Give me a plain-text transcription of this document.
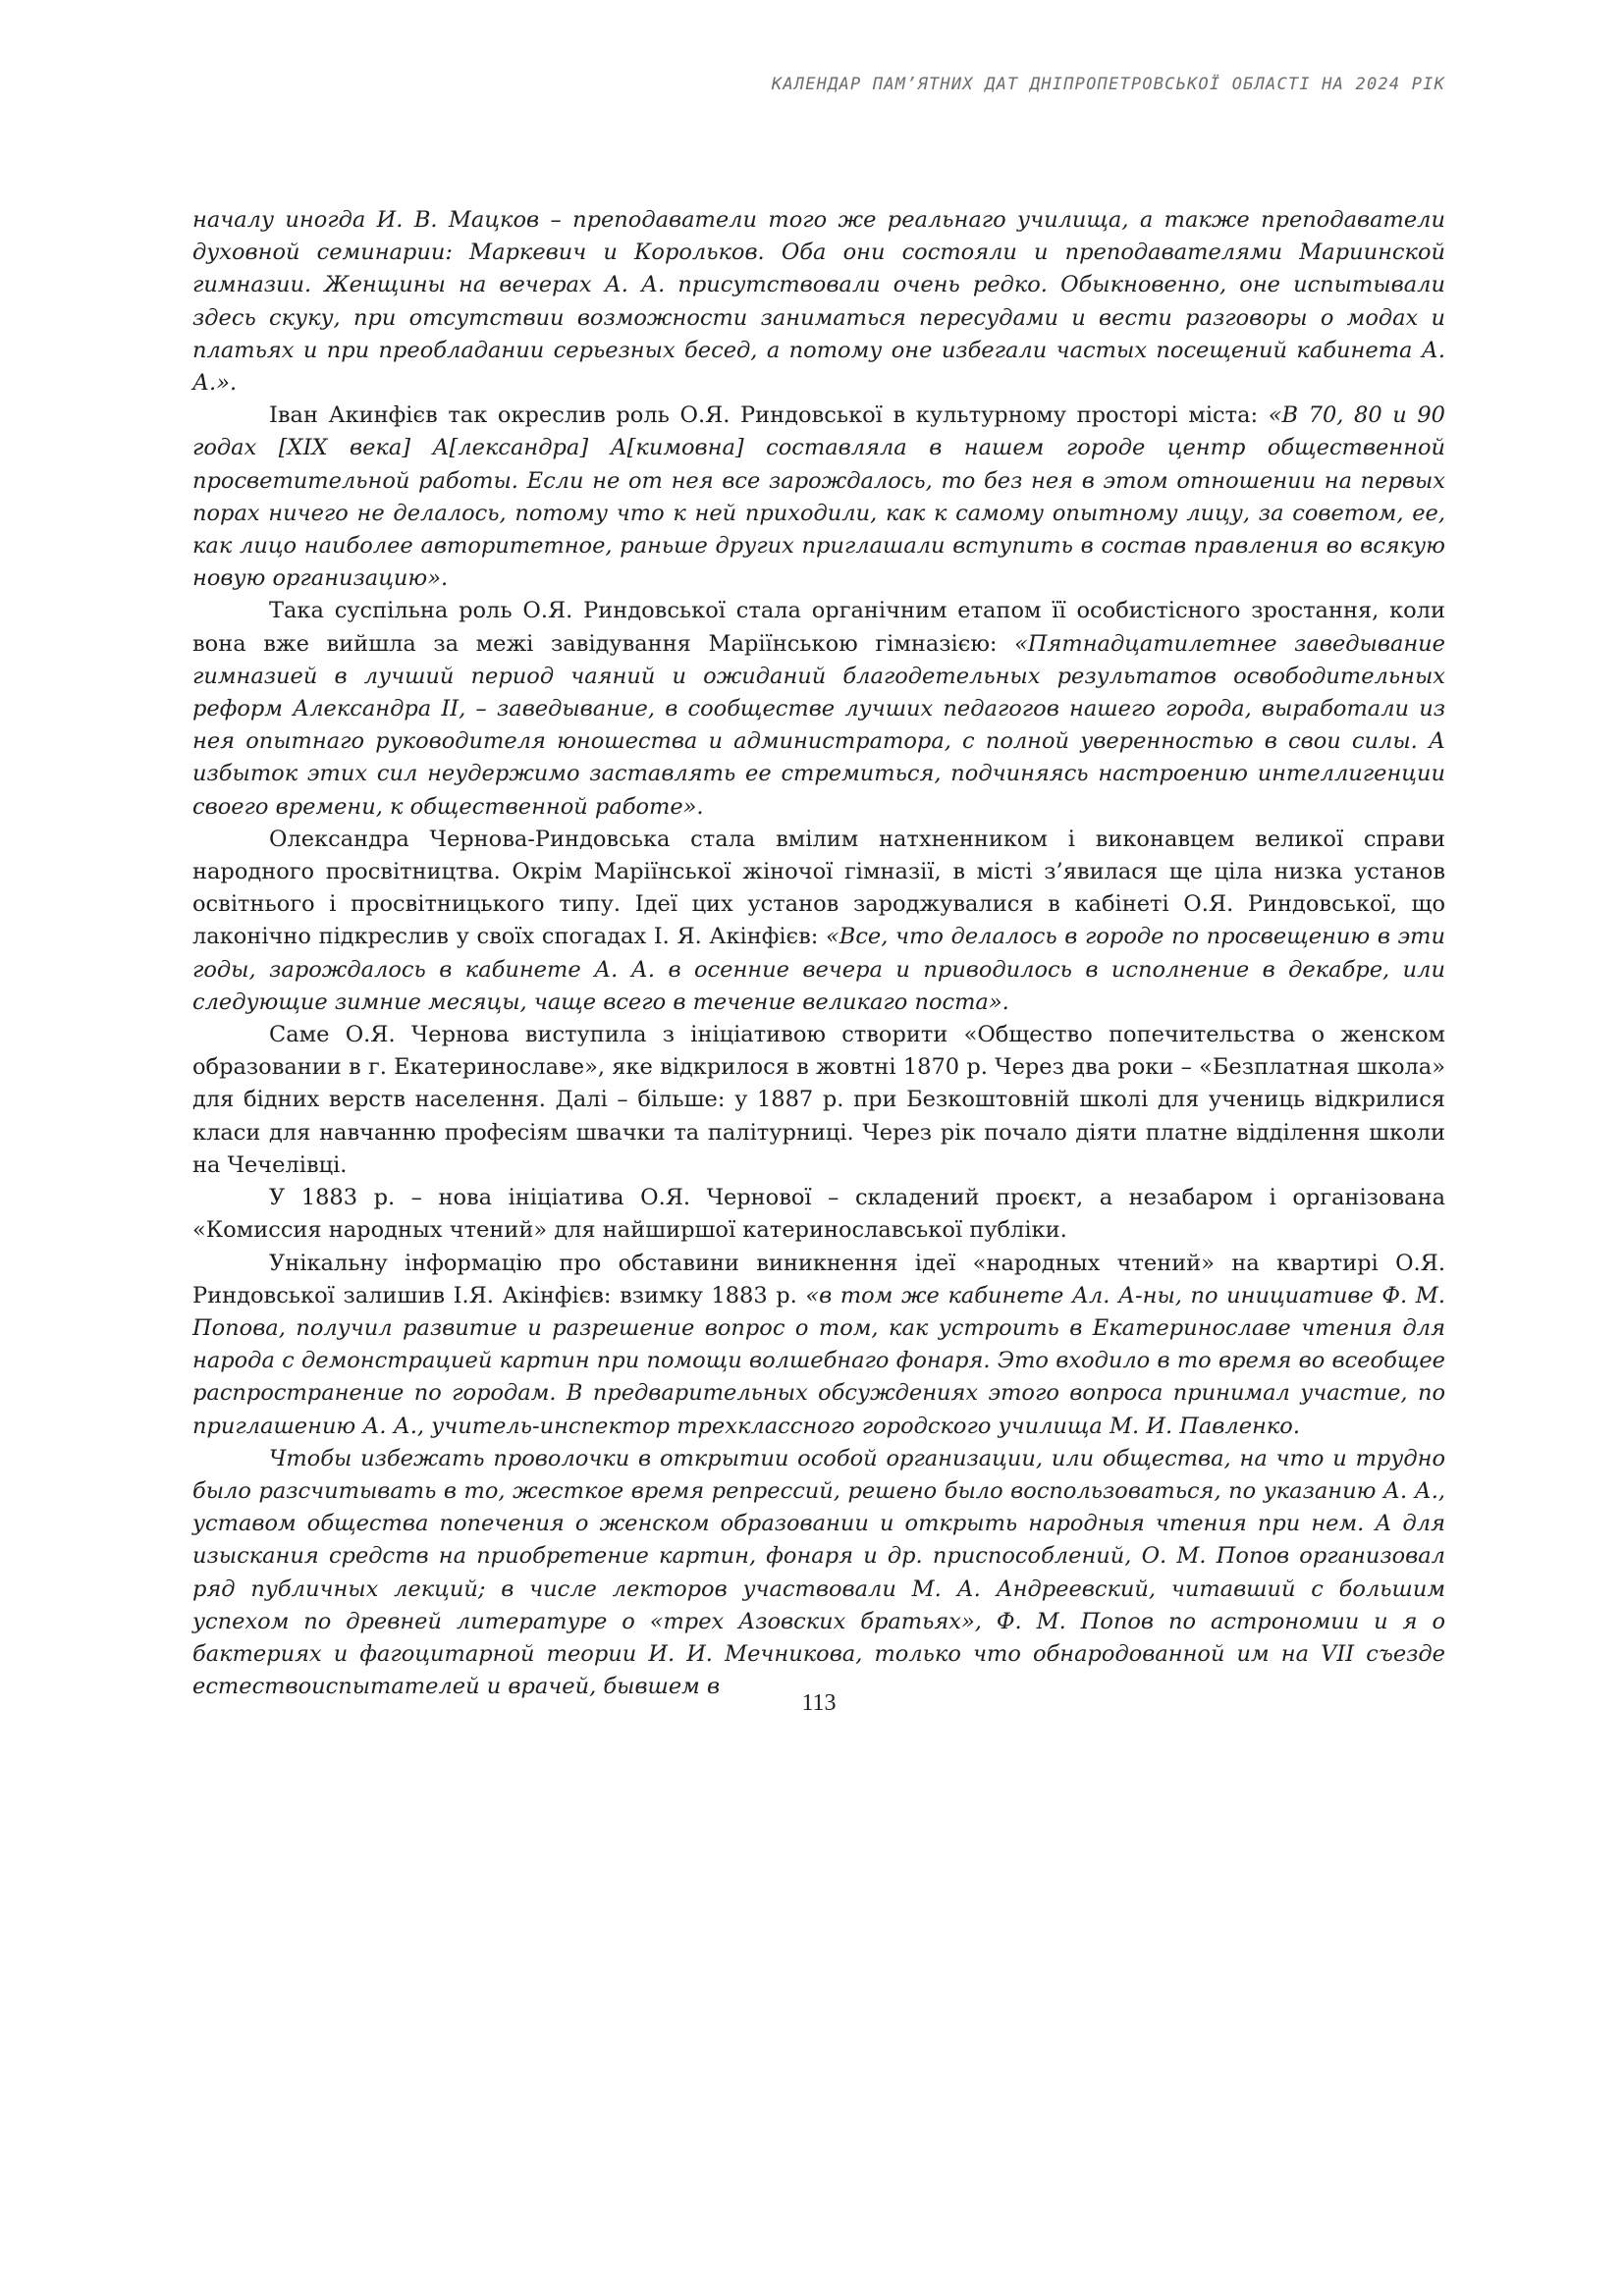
КАЛЕНДАР ПАМ’ЯТНИХ ДАТ ДНІПРОПЕТРОВСЬКОЇ ОБЛАСТІ НА 2024 РІК

началу иногда И. В. Мацков – преподаватели того же реальнаго училища, а также преподаватели духовной семинарии: Маркевич и Корольков. Оба они состояли и преподавателями Мариинской гимназии. Женщины на вечерах А. А. присутствовали очень редко. Обыкновенно, оне испытывали здесь скуку, при отсутствии возможности заниматься пересудами и вести разговоры о модах и платьях и при преобладании серьезных бесед, а потому оне избегали частых посещений кабинета А. А.».

Іван Акинфієв так окреслив роль О.Я. Риндовської в культурному просторі міста: «В 70, 80 и 90 годах [XIX века] А[лександра] А[кимовна] составляла в нашем городе центр общественной просветительной работы. Если не от нея все зарождалось, то без нея в этом отношении на первых порах ничего не делалось, потому что к ней приходили, как к самому опытному лицу, за советом, ее, как лицо наиболее авторитетное, раньше других приглашали вступить в состав правления во всякую новую организацию».

Така суспільна роль О.Я. Риндовської стала органічним етапом її особистісного зростання, коли вона вже вийшла за межі завідування Маріїнською гімназією: «Пятнадцатилетнее заведывание гимназией в лучший период чаяний и ожиданий благодетельных результатов освободительных реформ Александра II, – заведывание, в сообществе лучших педагогов нашего города, выработали из нея опытнаго руководителя юношества и администратора, с полной уверенностью в свои силы. А избыток этих сил неудержимо заставлять ее стремиться, подчиняясь настроению интеллигенции своего времени, к общественной работе».

Олександра Чернова-Риндовська стала вмілим натхненником і виконавцем великої справи народного просвітництва. Окрім Маріїнської жіночої гімназії, в місті з’явилася ще ціла низка установ освітнього і просвітницького типу. Ідеї цих установ зароджувалися в кабінеті О.Я. Риндовської, що лаконічно підкреслив у своїх спогадах І. Я. Акінфієв: «Все, что делалось в городе по просвещению в эти годы, зарождалось в кабинете А. А. в осенние вечера и приводилось в исполнение в декабре, или следующие зимние месяцы, чаще всего в течение великаго поста».

Саме О.Я. Чернова виступила з ініціативою створити «Общество попечительства о женском образовании в г. Екатеринославе», яке відкрилося в жовтні 1870 р. Через два роки – «Безплатная школа» для бідних верств населення. Далі – більше: у 1887 р. при Безкоштовній школі для учениць відкрилися класи для навчанню професіям швачки та палітурниці. Через рік почало діяти платне відділення школи на Чечелівці.

У 1883 р. – нова ініціатива О.Я. Чернової – складений проєкт, а незабаром і організована «Комиссия народных чтений» для найширшої катеринославської публіки.

Унікальну інформацію про обставини виникнення ідеї «народных чтений» на квартирі О.Я. Риндовської залишив І.Я. Акінфієв: взимку 1883 р. «в том же кабинете Ал. А-ны, по инициативе Ф. М. Попова, получил развитие и разрешение вопрос о том, как устроить в Екатеринославе чтения для народа с демонстрацией картин при помощи волшебнаго фонаря. Это входило в то время во всеобщее распространение по городам. В предварительных обсуждениях этого вопроса принимал участие, по приглашению А. А., учитель-инспектор трехклассного городского училища М. И. Павленко.

Чтобы избежать проволочки в открытии особой организации, или общества, на что и трудно было разсчитывать в то, жесткое время репрессий, решено было воспользоваться, по указанию А. А., уставом общества попечения о женском образовании и открыть народныя чтения при нем. А для изыскания средств на приобретение картин, фонаря и др. приспособлений, О. М. Попов организовал ряд публичных лекций; в числе лекторов участвовали М. А. Андреевский, читавший с большим успехом по древней литературе о «трех Азовских братьях», Ф. М. Попов по астрономии и я о бактериях и фагоцитарной теории И. И. Мечникова, только что обнародованной им на VII съезде естествоиспытателей и врачей, бывшем в

113
